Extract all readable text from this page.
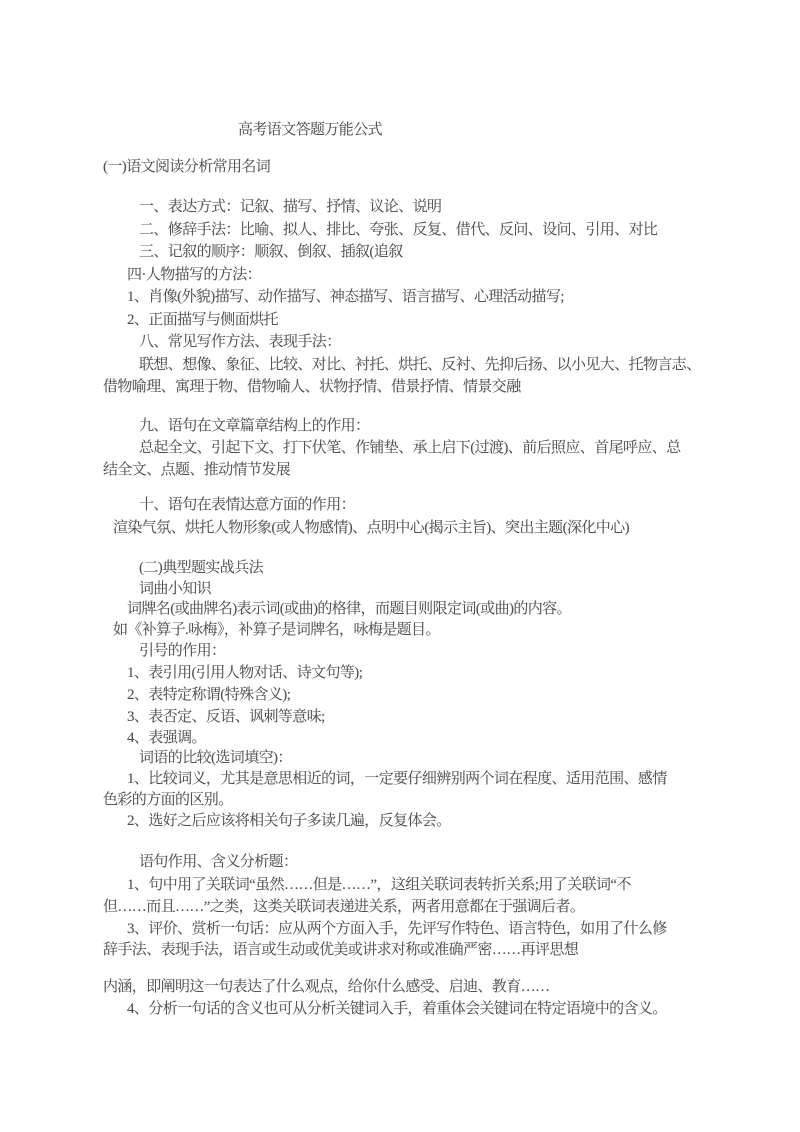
高考语文答题万能公式
(一)语文阅读分析常用名词
一、表达方式：记叙、描写、抒情、议论、说明
二、修辞手法：比喻、拟人、排比、夸张、反复、借代、反问、设问、引用、对比
三、记叙的顺序：顺叙、倒叙、插叙(追叙
四·人物描写的方法：
1、肖像(外貌)描写、动作描写、神态描写、语言描写、心理活动描写;
2、正面描写与侧面烘托
八、常见写作方法、表现手法：
联想、想像、象征、比较、对比、衬托、烘托、反衬、先抑后扬、以小见大、托物言志、
借物喻理、寓理于物、借物喻人、状物抒情、借景抒情、情景交融
九、语句在文章篇章结构上的作用：
总起全文、引起下文、打下伏笔、作铺垫、承上启下(过渡)、前后照应、首尾呼应、总
结全文、点题、推动情节发展
十、语句在表情达意方面的作用：
渲染气氛、烘托人物形象(或人物感情)、点明中心(揭示主旨)、突出主题(深化中心)
(二)典型题实战兵法
词曲小知识
词牌名(或曲牌名)表示词(或曲)的格律，而题目则限定词(或曲)的内容。
如《补算子.咏梅》，补算子是词牌名，咏梅是题目。
引号的作用：
1、表引用(引用人物对话、诗文句等);
2、表特定称谓(特殊含义);
3、表否定、反语、讽刺等意味;
4、表强调。
词语的比较(选词填空)：
1、比较词义，尤其是意思相近的词，一定要仔细辨别两个词在程度、适用范围、感情
色彩的方面的区别。
2、选好之后应该将相关句子多读几遍，反复体会。
语句作用、含义分析题：
1、句中用了关联词“虽然……但是……”，这组关联词表转折关系;用了关联词“不
但……而且……”之类，这类关联词表递进关系，两者用意都在于强调后者。
3、评价、赏析一句话：应从两个方面入手，先评写作特色、语言特色，如用了什么修
辞手法、表现手法，语言或生动或优美或讲求对称或准确严密……再评思想
内涵，即阐明这一句表达了什么观点，给你什么感受、启迪、教育……
4、分析一句话的含义也可从分析关键词入手，着重体会关键词在特定语境中的含义。
